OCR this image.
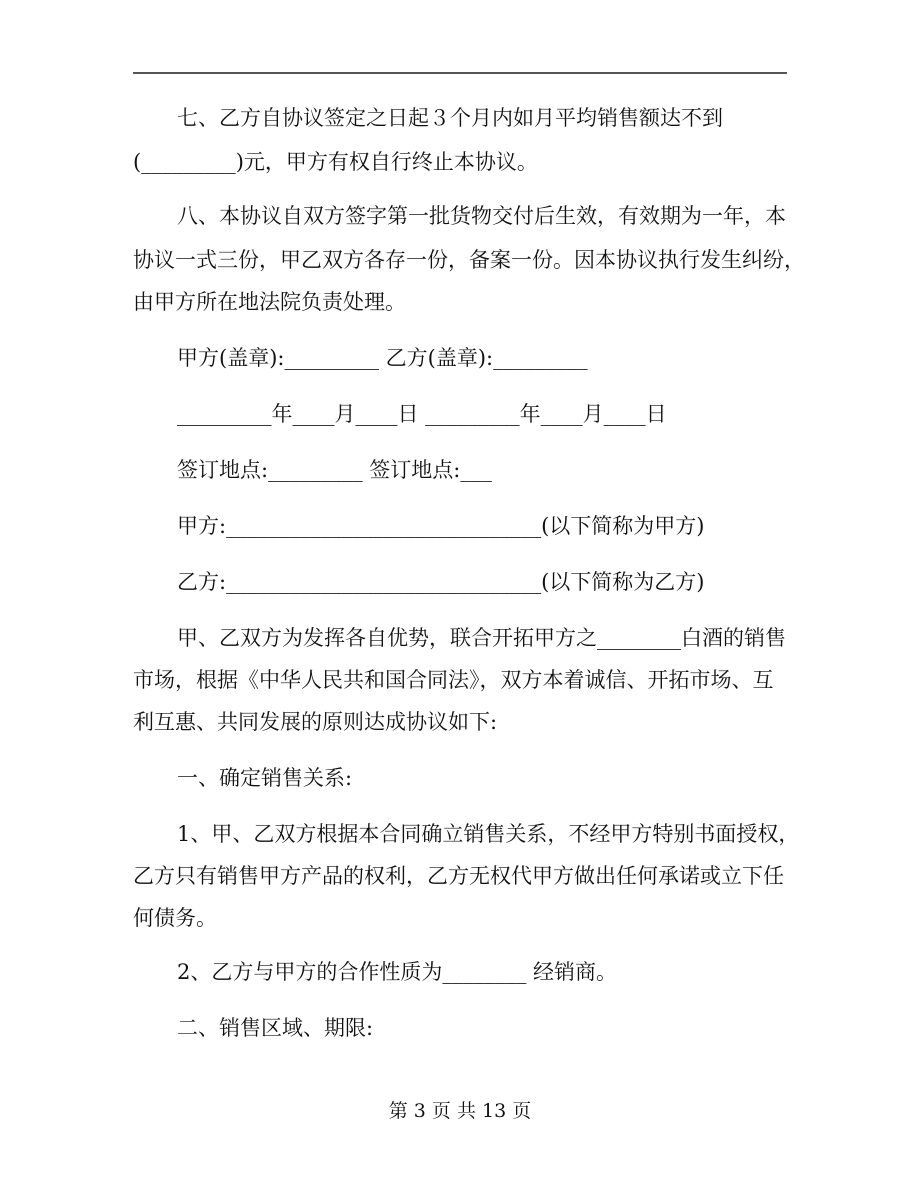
七、乙方自协议签定之日起３个月内如月平均销售额达不到
(_________)元，甲方有权自行终止本协议。
八、本协议自双方签字第一批货物交付后生效，有效期为一年，本
协议一式三份，甲乙双方各存一份，备案一份。因本协议执行发生纠纷，
由甲方所在地法院负责处理。
甲方(盖章):_________ 乙方(盖章):_________
_________年____月____日 _________年____月____日
签订地点:_________ 签订地点:___
甲方:______________________________(以下简称为甲方)
乙方:______________________________(以下简称为乙方)
甲、乙双方为发挥各自优势，联合开拓甲方之________白酒的销售
市场，根据《中华人民共和国合同法》，双方本着诚信、开拓市场、互
利互惠、共同发展的原则达成协议如下:
一、确定销售关系:
1、甲、乙双方根据本合同确立销售关系，不经甲方特别书面授权，
乙方只有销售甲方产品的权利，乙方无权代甲方做出任何承诺或立下任
何债务。
2、乙方与甲方的合作性质为________ 经销商。
二、销售区域、期限:
第 3 页 共 13 页
